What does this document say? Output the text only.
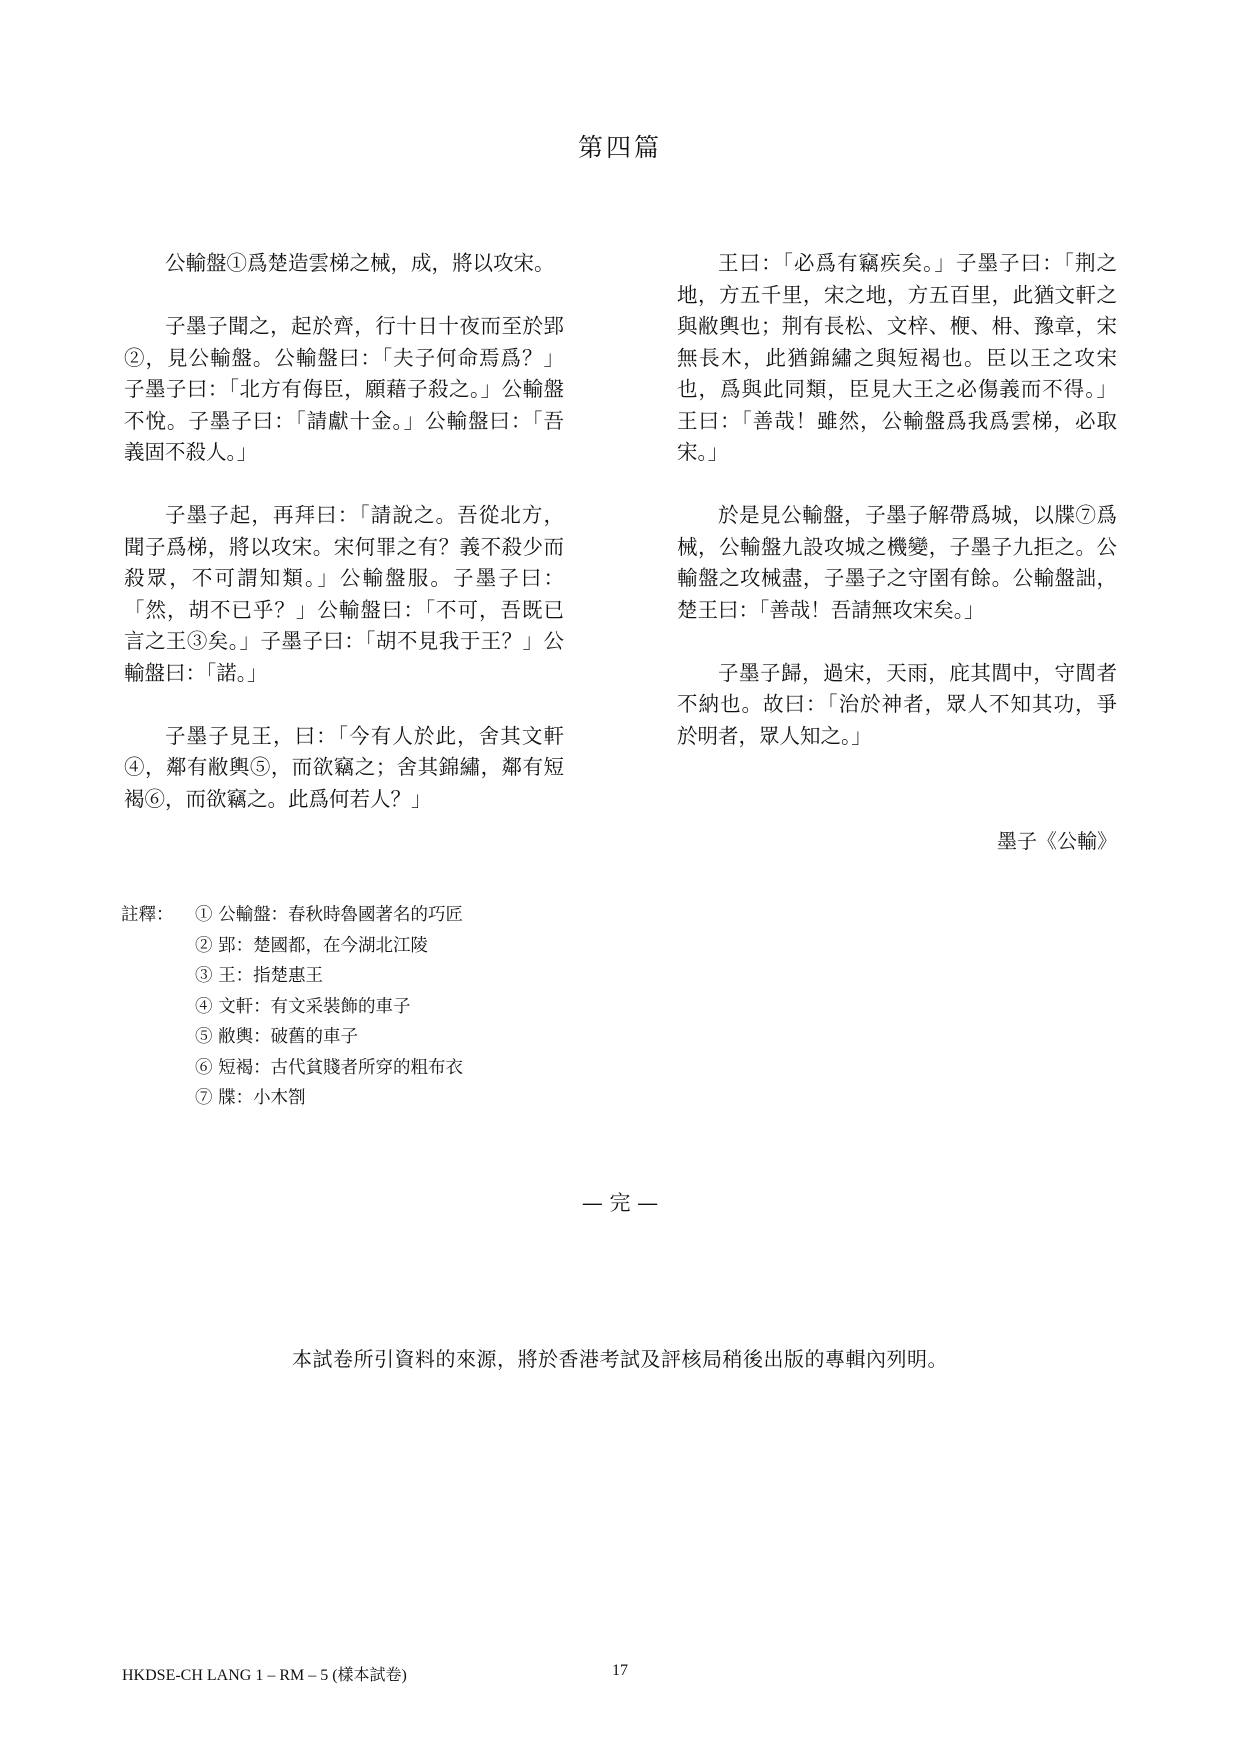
第四篇

公輸盤①爲楚造雲梯之械，成，將以攻宋。

子墨子聞之，起於齊，行十日十夜而至於郢②，見公輸盤。公輸盤曰：「夫子何命焉爲？」子墨子曰：「北方有侮臣，願藉子殺之。」公輸盤不悅。子墨子曰：「請獻十金。」公輸盤曰：「吾義固不殺人。」

子墨子起，再拜曰：「請說之。吾從北方，聞子爲梯，將以攻宋。宋何罪之有？義不殺少而殺眾，不可謂知類。」公輸盤服。子墨子曰：「然，胡不已乎？」公輸盤曰：「不可，吾既已言之王③矣。」子墨子曰：「胡不見我于王？」公輸盤曰：「諾。」

子墨子見王，曰：「今有人於此，舍其文軒④，鄰有敝輿⑤，而欲竊之；舍其錦繡，鄰有短褐⑥，而欲竊之。此爲何若人？」

王曰：「必爲有竊疾矣。」子墨子曰：「荆之地，方五千里，宋之地，方五百里，此猶文軒之與敝輿也；荆有長松、文梓、楩、枏、豫章，宋無長木，此猶錦繡之與短褐也。臣以王之攻宋也，爲與此同類，臣見大王之必傷義而不得。」王曰：「善哉！雖然，公輸盤爲我爲雲梯，必取宋。」

於是見公輸盤，子墨子解帶爲城，以牒⑦爲械，公輸盤九設攻城之機變，子墨子九拒之。公輸盤之攻械盡，子墨子之守圉有餘。公輸盤詘，楚王曰：「善哉！吾請無攻宋矣。」

子墨子歸，過宋，天雨，庇其閭中，守閭者不納也。故曰：「治於神者，眾人不知其功，爭於明者，眾人知之。」

墨子《公輸》
註釋： ① 公輸盤：春秋時魯國著名的巧匠
② 郢：楚國都，在今湖北江陵
③ 王：指楚惠王
④ 文軒：有文采裝飾的車子
⑤ 敝輿：破舊的車子
⑥ 短褐：古代貧賤者所穿的粗布衣
⑦ 牒：小木劄
— 完 —
本試卷所引資料的來源，將於香港考試及評核局稍後出版的專輯內列明。
HKDSE-CH LANG 1 – RM – 5 (樣本試卷)	17
